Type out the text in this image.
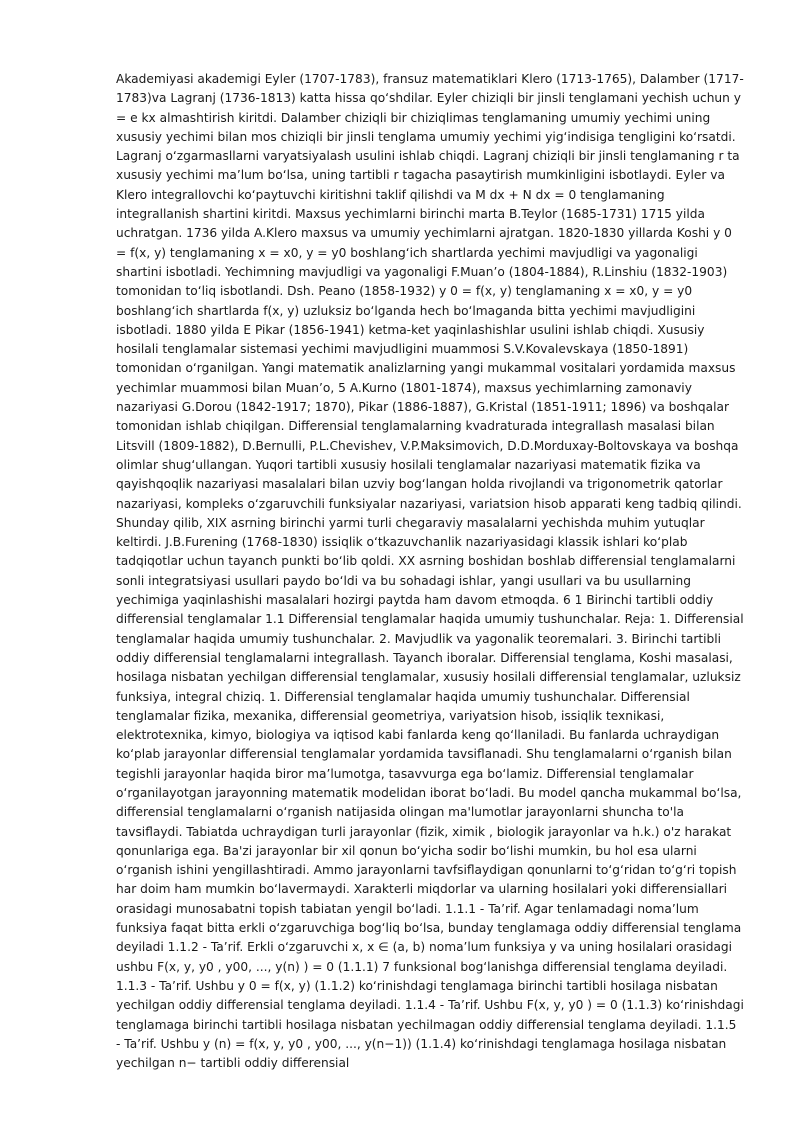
Akademiyasi akademigi Eyler (1707-1783), fransuz matematiklari Klero (1713-1765), Dalamber (1717-1783)va Lagranj (1736-1813) katta hissa qo‘shdilar. Eyler chiziqli bir jinsli tenglamani yechish uchun y = e kx almashtirish kiritdi. Dalamber chiziqli bir chiziqlimas tenglamaning umumiy yechimi uning xususiy yechimi bilan mos chiziqli bir jinsli tenglama umumiy yechimi yig‘indisiga tengligini ko‘rsatdi. Lagranj o‘zgarmasllarni varyatsiyalash usulini ishlab chiqdi. Lagranj chiziqli bir jinsli tenglamaning r ta xususiy yechimi ma’lum bo‘lsa, uning tartibli r tagacha pasaytirish mumkinligini isbotlaydi. Eyler va Klero integrallovchi ko‘paytuvchi kiritishni taklif qilishdi va M dx + N dx = 0 tenglamaning integrallanish shartini kiritdi. Maxsus yechimlarni birinchi marta B.Teylor (1685-1731) 1715 yilda uchratgan. 1736 yilda A.Klero maxsus va umumiy yechimlarni ajratgan. 1820-1830 yillarda Koshi y 0 = f(x, y) tenglamaning x = x0, y = y0 boshlang‘ich shartlarda yechimi mavjudligi va yagonaligi shartini isbotladi. Yechimning mavjudligi va yagonaligi F.Muan’o (1804-1884), R.Linshiu (1832-1903) tomonidan to‘liq isbotlandi. Dsh. Peano (1858-1932) y 0 = f(x, y) tenglamaning x = x0, y = y0 boshlang‘ich shartlarda f(x, y) uzluksiz bo‘lganda hech bo‘lmaganda bitta yechimi mavjudligini isbotladi. 1880 yilda E Pikar (1856-1941) ketma-ket yaqinlashishlar usulini ishlab chiqdi. Xususiy hosilali tenglamalar sistemasi yechimi mavjudligini muammosi S.V.Kovalevskaya (1850-1891) tomonidan o‘rganilgan. Yangi matematik analizlarning yangi mukammal vositalari yordamida maxsus yechimlar muammosi bilan Muan’o, 5 A.Kurno (1801-1874), maxsus yechimlarning zamonaviy nazariyasi G.Dorou (1842-1917; 1870), Pikar (1886-1887), G.Kristal (1851-1911; 1896) va boshqalar tomonidan ishlab chiqilgan. Differensial tenglamalarning kvadraturada integrallash masalasi bilan Litsvill (1809-1882), D.Bernulli, P.L.Chevishev, V.P.Maksimovich, D.D.Morduxay-Boltovskaya va boshqa olimlar shug‘ullangan. Yuqori tartibli xususiy hosilali tenglamalar nazariyasi matematik fizika va qayishqoqlik nazariyasi masalalari bilan uzviy bog‘langan holda rivojlandi va trigonometrik qatorlar nazariyasi, kompleks o‘zgaruvchili funksiyalar nazariyasi, variatsion hisob apparati keng tadbiq qilindi. Shunday qilib, XIX asrning birinchi yarmi turli chegaraviy masalalarni yechishda muhim yutuqlar keltirdi. J.B.Furening (1768-1830) issiqlik o‘tkazuvchanlik nazariyasidagi klassik ishlari ko‘plab tadqiqotlar uchun tayanch punkti bo‘lib qoldi. XX asrning boshidan boshlab differensial tenglamalarni sonli integratsiyasi usullari paydo bo‘ldi va bu sohadagi ishlar, yangi usullari va bu usullarning yechimiga yaqinlashishi masalalari hozirgi paytda ham davom etmoqda. 6 1 Birinchi tartibli oddiy differensial tenglamalar 1.1 Differensial tenglamalar haqida umumiy tushunchalar. Reja: 1. Differensial tenglamalar haqida umumiy tushunchalar. 2. Mavjudlik va yagonalik teoremalari. 3. Birinchi tartibli oddiy differensial tenglamalarni integrallash. Tayanch iboralar. Differensial tenglama, Koshi masalasi, hosilaga nisbatan yechilgan differensial tenglamalar, xususiy hosilali differensial tenglamalar, uzluksiz funksiya, integral chiziq. 1. Differensial tenglamalar haqida umumiy tushunchalar. Differensial tenglamalar fizika, mexanika, differensial geometriya, variyatsion hisob, issiqlik texnikasi, elektrotexnika, kimyo, biologiya va iqtisod kabi fanlarda keng qo‘llaniladi. Bu fanlarda uchraydigan ko‘plab jarayonlar differensial tenglamalar yordamida tavsiflanadi. Shu tenglamalarni o‘rganish bilan tegishli jarayonlar haqida biror ma’lumotga, tasavvurga ega bo‘lamiz. Differensial tenglamalar o‘rganilayotgan jarayonning matematik modelidan iborat bo‘ladi. Bu model qancha mukammal bo‘lsa, differensial tenglamalarni o‘rganish natijasida olingan ma'lumotlar jarayonlarni shuncha to'la tavsiflaydi. Tabiatda uchraydigan turli jarayonlar (fizik, ximik , biologik jarayonlar va h.k.) o'z harakat qonunlariga ega. Ba'zi jarayonlar bir xil qonun bo‘yicha sodir bo‘lishi mumkin, bu hol esa ularni o‘rganish ishini yengillashtiradi. Ammo jarayonlarni tavfsiflaydigan qonunlarni to‘g‘ridan to‘g‘ri topish har doim ham mumkin bo‘lavermaydi. Xarakterli miqdorlar va ularning hosilalari yoki differensiallari orasidagi munosabatni topish tabiatan yengil bo‘ladi. 1.1.1 - Ta’rif. Agar tenlamadagi noma’lum funksiya faqat bitta erkli o‘zgaruvchiga bog‘liq bo‘lsa, bunday tenglamaga oddiy differensial tenglama deyiladi 1.1.2 - Ta’rif. Erkli o‘zgaruvchi x, x ∈ (a, b) noma’lum funksiya y va uning hosilalari orasidagi ushbu F(x, y, y0 , y00, ..., y(n) ) = 0 (1.1.1) 7 funksional bog‘lanishga differensial tenglama deyiladi. 1.1.3 - Ta’rif. Ushbu y 0 = f(x, y) (1.1.2) ko‘rinishdagi tenglamaga birinchi tartibli hosilaga nisbatan yechilgan oddiy differensial tenglama deyiladi. 1.1.4 - Ta’rif. Ushbu F(x, y, y0 ) = 0 (1.1.3) ko‘rinishdagi tenglamaga birinchi tartibli hosilaga nisbatan yechilmagan oddiy differensial tenglama deyiladi. 1.1.5 - Ta’rif. Ushbu y (n) = f(x, y, y0 , y00, ..., y(n−1)) (1.1.4) ko‘rinishdagi tenglamaga hosilaga nisbatan yechilgan n− tartibli oddiy differensial
